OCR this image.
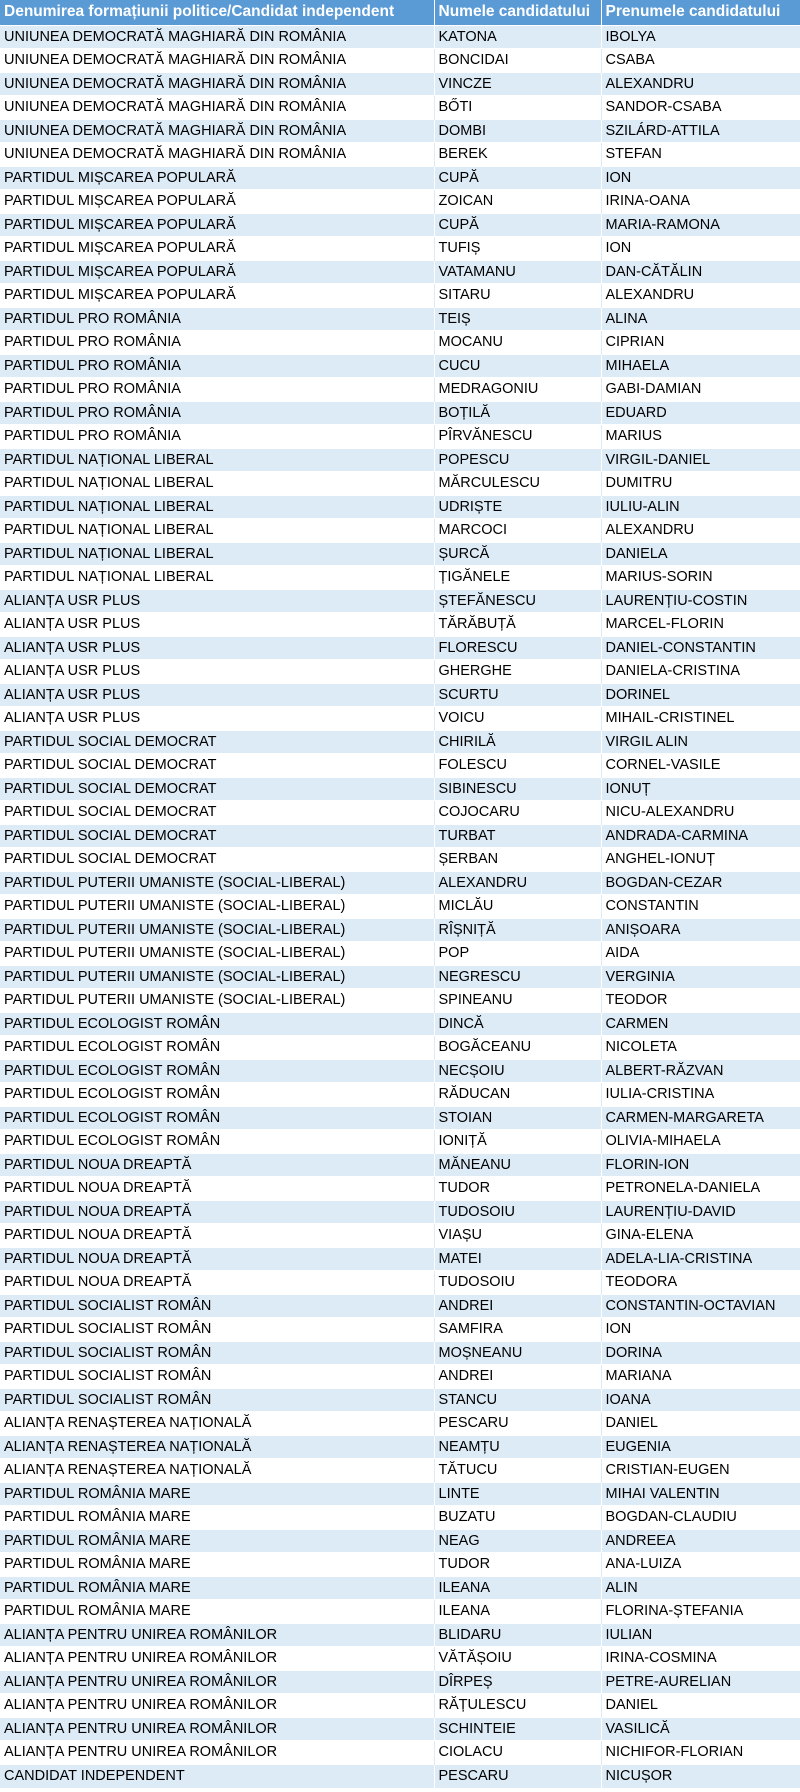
Denumirea formațiunii politice/Candidat independent	Numele candidatului	Prenumele candidatului
UNIUNEA DEMOCRATĂ MAGHIARĂ DIN ROMÂNIA	KATONA	IBOLYA
UNIUNEA DEMOCRATĂ MAGHIARĂ DIN ROMÂNIA	BONCIDAI	CSABA
UNIUNEA DEMOCRATĂ MAGHIARĂ DIN ROMÂNIA	VINCZE	ALEXANDRU
UNIUNEA DEMOCRATĂ MAGHIARĂ DIN ROMÂNIA	BŐTI	SANDOR-CSABA
UNIUNEA DEMOCRATĂ MAGHIARĂ DIN ROMÂNIA	DOMBI	SZILÁRD-ATTILA
UNIUNEA DEMOCRATĂ MAGHIARĂ DIN ROMÂNIA	BEREK	STEFAN
PARTIDUL MIȘCAREA POPULARĂ	CUPĂ	ION
PARTIDUL MIȘCAREA POPULARĂ	ZOICAN	IRINA-OANA
PARTIDUL MIȘCAREA POPULARĂ	CUPĂ	MARIA-RAMONA
PARTIDUL MIȘCAREA POPULARĂ	TUFIȘ	ION
PARTIDUL MIȘCAREA POPULARĂ	VATAMANU	DAN-CĂTĂLIN
PARTIDUL MIȘCAREA POPULARĂ	SITARU	ALEXANDRU
PARTIDUL PRO ROMÂNIA	TEIȘ	ALINA
PARTIDUL PRO ROMÂNIA	MOCANU	CIPRIAN
PARTIDUL PRO ROMÂNIA	CUCU	MIHAELA
PARTIDUL PRO ROMÂNIA	MEDRAGONIU	GABI-DAMIAN
PARTIDUL PRO ROMÂNIA	BOȚILĂ	EDUARD
PARTIDUL PRO ROMÂNIA	PÎRVĂNESCU	MARIUS
PARTIDUL NAȚIONAL LIBERAL	POPESCU	VIRGIL-DANIEL
PARTIDUL NAȚIONAL LIBERAL	MĂRCULESCU	DUMITRU
PARTIDUL NAȚIONAL LIBERAL	UDRIȘTE	IULIU-ALIN
PARTIDUL NAȚIONAL LIBERAL	MARCOCI	ALEXANDRU
PARTIDUL NAȚIONAL LIBERAL	ȘURCĂ	DANIELA
PARTIDUL NAȚIONAL LIBERAL	ȚIGĂNELE	MARIUS-SORIN
ALIANȚA USR PLUS	ȘTEFĂNESCU	LAURENȚIU-COSTIN
ALIANȚA USR PLUS	TĂRĂBUȚĂ	MARCEL-FLORIN
ALIANȚA USR PLUS	FLORESCU	DANIEL-CONSTANTIN
ALIANȚA USR PLUS	GHERGHE	DANIELA-CRISTINA
ALIANȚA USR PLUS	SCURTU	DORINEL
ALIANȚA USR PLUS	VOICU	MIHAIL-CRISTINEL
PARTIDUL SOCIAL DEMOCRAT	CHIRILĂ	VIRGIL ALIN
PARTIDUL SOCIAL DEMOCRAT	FOLESCU	CORNEL-VASILE
PARTIDUL SOCIAL DEMOCRAT	SIBINESCU	IONUȚ
PARTIDUL SOCIAL DEMOCRAT	COJOCARU	NICU-ALEXANDRU
PARTIDUL SOCIAL DEMOCRAT	TURBAT	ANDRADA-CARMINA
PARTIDUL SOCIAL DEMOCRAT	ȘERBAN	ANGHEL-IONUȚ
PARTIDUL PUTERII UMANISTE (SOCIAL-LIBERAL)	ALEXANDRU	BOGDAN-CEZAR
PARTIDUL PUTERII UMANISTE (SOCIAL-LIBERAL)	MICLĂU	CONSTANTIN
PARTIDUL PUTERII UMANISTE (SOCIAL-LIBERAL)	RÎȘNIȚĂ	ANIȘOARA
PARTIDUL PUTERII UMANISTE (SOCIAL-LIBERAL)	POP	AIDA
PARTIDUL PUTERII UMANISTE (SOCIAL-LIBERAL)	NEGRESCU	VERGINIA
PARTIDUL PUTERII UMANISTE (SOCIAL-LIBERAL)	SPINEANU	TEODOR
PARTIDUL ECOLOGIST ROMÂN	DINCĂ	CARMEN
PARTIDUL ECOLOGIST ROMÂN	BOGĂCEANU	NICOLETA
PARTIDUL ECOLOGIST ROMÂN	NECȘOIU	ALBERT-RĂZVAN
PARTIDUL ECOLOGIST ROMÂN	RĂDUCAN	IULIA-CRISTINA
PARTIDUL ECOLOGIST ROMÂN	STOIAN	CARMEN-MARGARETA
PARTIDUL ECOLOGIST ROMÂN	IONIȚĂ	OLIVIA-MIHAELA
PARTIDUL NOUA DREAPTĂ	MĂNEANU	FLORIN-ION
PARTIDUL NOUA DREAPTĂ	TUDOR	PETRONELA-DANIELA
PARTIDUL NOUA DREAPTĂ	TUDOSOIU	LAURENȚIU-DAVID
PARTIDUL NOUA DREAPTĂ	VIAȘU	GINA-ELENA
PARTIDUL NOUA DREAPTĂ	MATEI	ADELA-LIA-CRISTINA
PARTIDUL NOUA DREAPTĂ	TUDOSOIU	TEODORA
PARTIDUL SOCIALIST ROMÂN	ANDREI	CONSTANTIN-OCTAVIAN
PARTIDUL SOCIALIST ROMÂN	SAMFIRA	ION
PARTIDUL SOCIALIST ROMÂN	MOȘNEANU	DORINA
PARTIDUL SOCIALIST ROMÂN	ANDREI	MARIANA
PARTIDUL SOCIALIST ROMÂN	STANCU	IOANA
ALIANȚA RENAȘTEREA NAȚIONALĂ	PESCARU	DANIEL
ALIANȚA RENAȘTEREA NAȚIONALĂ	NEAMȚU	EUGENIA
ALIANȚA RENAȘTEREA NAȚIONALĂ	TĂTUCU	CRISTIAN-EUGEN
PARTIDUL ROMÂNIA MARE	LINTE	MIHAI VALENTIN
PARTIDUL ROMÂNIA MARE	BUZATU	BOGDAN-CLAUDIU
PARTIDUL ROMÂNIA MARE	NEAG	ANDREEA
PARTIDUL ROMÂNIA MARE	TUDOR	ANA-LUIZA
PARTIDUL ROMÂNIA MARE	ILEANA	ALIN
PARTIDUL ROMÂNIA MARE	ILEANA	FLORINA-ȘTEFANIA
ALIANȚA PENTRU UNIREA ROMÂNILOR	BLIDARU	IULIAN
ALIANȚA PENTRU UNIREA ROMÂNILOR	VĂTĂȘOIU	IRINA-COSMINA
ALIANȚA PENTRU UNIREA ROMÂNILOR	DÎRPEȘ	PETRE-AURELIAN
ALIANȚA PENTRU UNIREA ROMÂNILOR	RĂȚULESCU	DANIEL
ALIANȚA PENTRU UNIREA ROMÂNILOR	SCHINTEIE	VASILICĂ
ALIANȚA PENTRU UNIREA ROMÂNILOR	CIOLACU	NICHIFOR-FLORIAN
CANDIDAT INDEPENDENT	PESCARU	NICUȘOR
